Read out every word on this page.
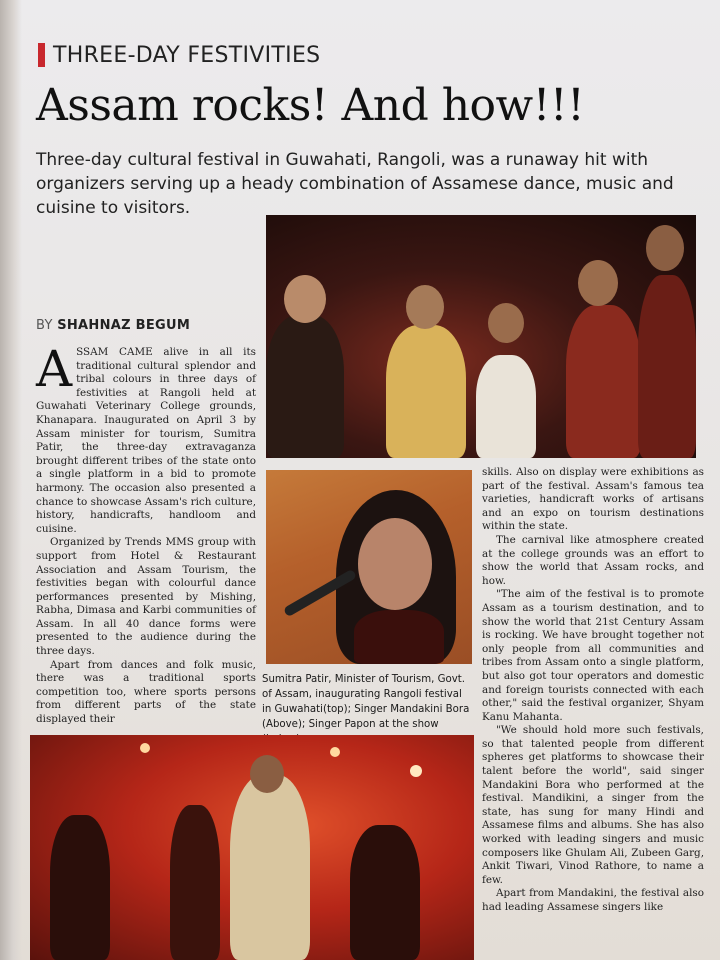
THREE-DAY FESTIVITIES
Assam rocks! And how!!!
Three-day cultural festival in Guwahati, Rangoli, was a runaway hit with organizers serving up a heady combination of Assamese dance, music and cuisine to visitors.
Sumitra Patir, Minister of Tourism, Govt. of Assam, inaugurating Rangoli festival in Guwahati(top); Singer Mandakini Bora (Above); Singer Papon at the show
BY SHAHNAZ BEGUM

ASSAM CAME alive in all its traditional cultural splendor and tribal colours in three days of festivities at Rangoli held at Guwahati Veterinary College grounds, Khanapara. Inaugurated on April 3 by Assam minister for tourism, Sumitra Patir, the three-day extravaganza brought different tribes of the state onto a single platform in a bid to promote harmony. The occasion also presented a chance to showcase Assam's rich culture, history, handicrafts, handloom and cuisine.

Organized by Trends MMS group with support from Hotel & Restaurant Association and Assam Tourism, the festivities began with colourful dance performances presented by Mishing, Rabha, Dimasa and Karbi communities of Assam. In all 40 dance forms were presented to the audience during the three days.

Apart from dances and folk music, there was a traditional sports competition too, where sports persons from different parts of the state displayed their

skills. Also on display were exhibitions as part of the festival. Assam's famous tea varieties, handicraft works of artisans and an expo on tourism destinations within the state.

The carnival like atmosphere created at the college grounds was an effort to show the world that Assam rocks, and how.

"The aim of the festival is to promote Assam as a tourism destination, and to show the world that 21st Century Assam is rocking. We have brought together not only people from all communities and tribes from Assam onto a single platform, but also got tour operators and domestic and foreign tourists connected with each other," said the festival organizer, Shyam Kanu Mahanta.

"We should hold more such festivals, so that talented people from different spheres get platforms to showcase their talent before the world", said singer Mandakini Bora who performed at the festival. Mandikini, a singer from the state, has sung for many Hindi and Assamese films and albums. She has also worked with leading singers and music composers like Ghulam Ali, Zubeen Garg, Ankit Tiwari, Vinod Rathore, to name a few.

Apart from Mandakini, the festival also had leading Assamese singers like
